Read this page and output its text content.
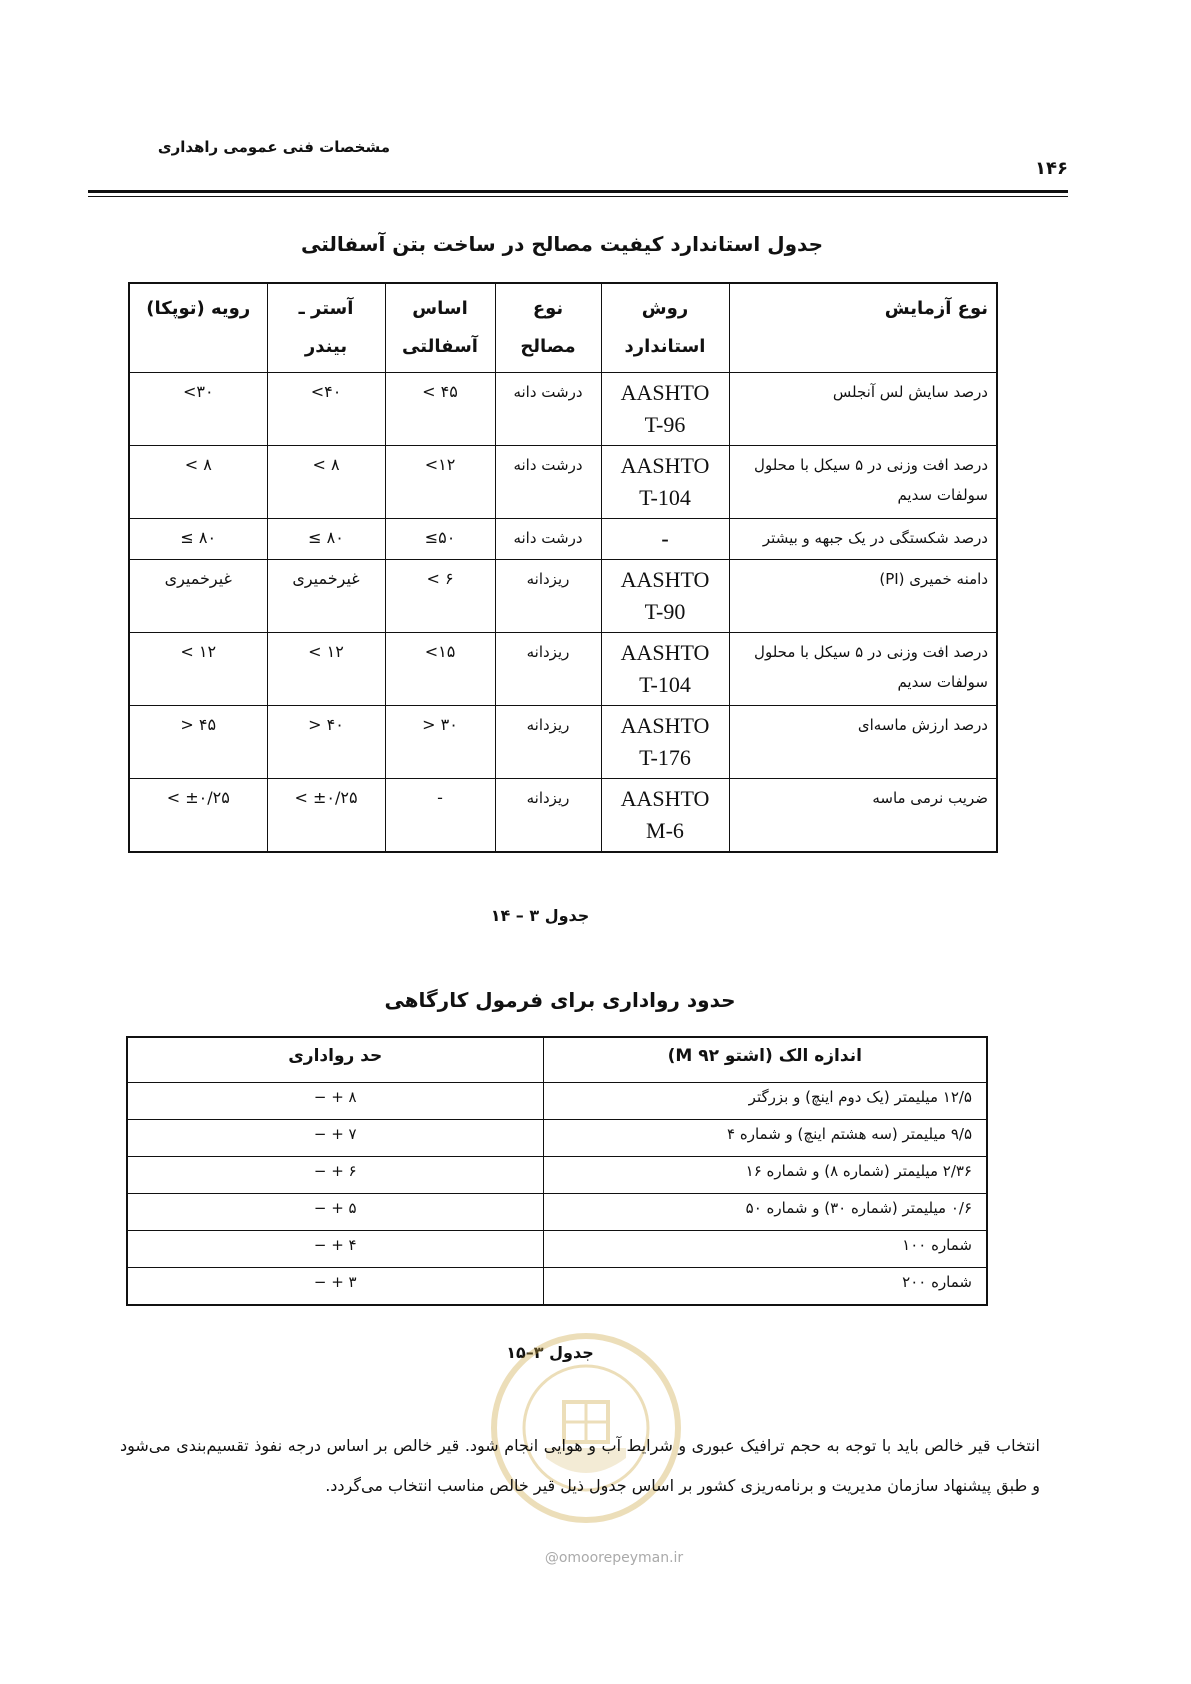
مشخصات فنی عمومی راهداری
۱۴۶
جدول استاندارد کیفیت مصالح در ساخت بتن آسفالتی
نوع آزمایش	روش استاندارد	نوع مصالح	اساس آسفالتی	آستر ـ بیندر	رویه (توپکا)
درصد سایش لس آنجلس	AASHTO T-96	درشت دانه	۴۵ >	۴۰>	۳۰>
درصد افت وزنی در ۵ سیکل با محلول سولفات سدیم	AASHTO T-104	درشت دانه	۱۲>	۸ >	۸ >
درصد شکستگی در یک جبهه و بیشتر	-	درشت دانه	۵۰≥	۸۰ ≥	۸۰ ≥
دامنه خمیری (PI)	AASHTO T-90	ریزدانه	۶ >	غیرخمیری	غیرخمیری
درصد افت وزنی در ۵ سیکل با محلول سولفات سدیم	AASHTO T-104	ریزدانه	۱۵>	۱۲ >	۱۲ >
درصد ارزش ماسه‌ای	AASHTO T-176	ریزدانه	۳۰ <	۴۰ <	۴۵ <
ضریب نرمی ماسه	AASHTO M-6	ریزدانه	-	±۰/۲۵ >	±۰/۲۵ >
جدول ۳ – ۱۴
حدود رواداری برای فرمول کارگاهی
اندازه الک (اشتو M ۹۲)	حد رواداری
۱۲/۵ میلیمتر (یک دوم اینچ) و بزرگتر	− + ۸
۹/۵ میلیمتر (سه هشتم اینچ) و شماره ۴	− + ۷
۲/۳۶ میلیمتر (شماره ۸) و شماره ۱۶	− + ۶
۰/۶ میلیمتر (شماره ۳۰) و شماره ۵۰	− + ۵
شماره ۱۰۰	− + ۴
شماره ۲۰۰	− + ۳
جدول ۳–۱۵
@omoorepeyman.ir
انتخاب قیر خالص باید با توجه به حجم ترافیک عبوری و شرایط آب و هوایی انجام شود. قیر خالص بر اساس درجه نفوذ تقسیم‌بندی می‌شود و طبق پیشنهاد سازمان مدیریت و برنامه‌ریزی کشور بر اساس جدول ذیل قیر خالص مناسب انتخاب می‌گردد.
